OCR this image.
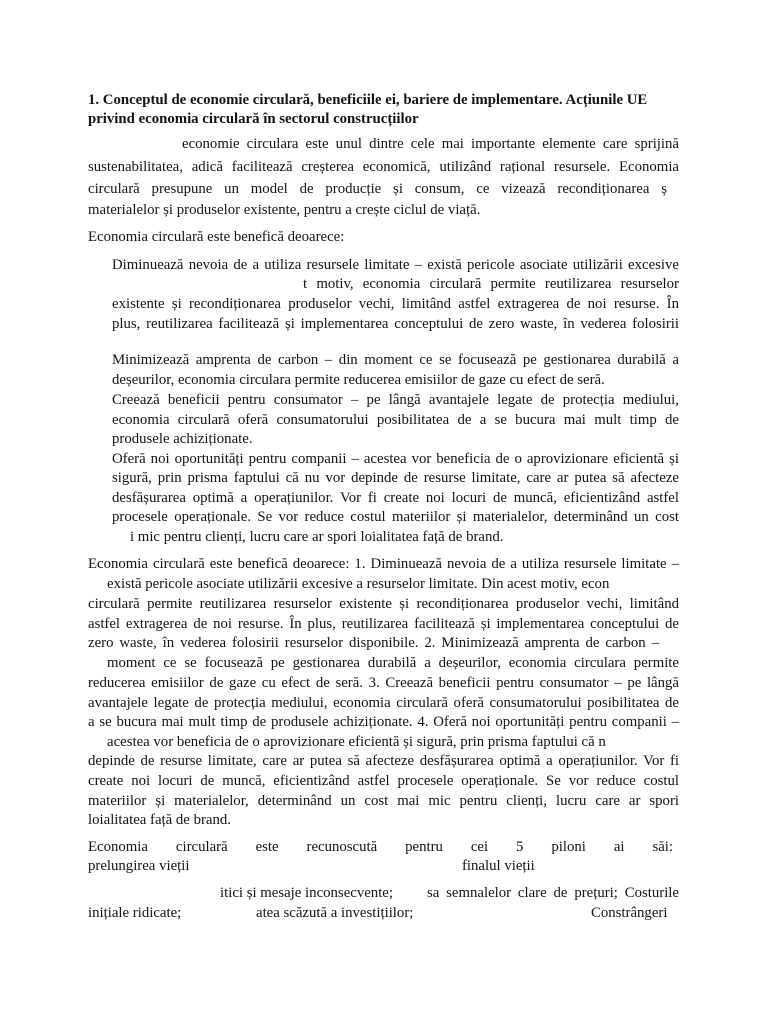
1. Conceptul de economie circulară, beneficiile ei, bariere de implementare. Acțiunile UE
privind economia circulară în sectorul construcțiilor
economie circulara este unul dintre cele mai importante elemente care sprijină
sustenabilitatea, adică facilitează creșterea economică, utilizând rațional resursele. Economia
circulară presupune un model de producție și consum, ce vizează recondiționarea ș
materialelor și produselor existente, pentru a crește ciclul de viață.
Economia circulară este benefică deoarece:
Diminuează nevoia de a utiliza resursele limitate – există pericole asociate utilizării excesive
t motiv, economia circulară permite reutilizarea resurselor
existente și recondiționarea produselor vechi, limitând astfel extragerea de noi resurse. În
plus, reutilizarea facilitează și implementarea conceptului de zero waste, în vederea folosirii
Minimizează amprenta de carbon – din moment ce se focusează pe gestionarea durabilă a
deșeurilor, economia circulara permite reducerea emisiilor de gaze cu efect de seră.
Creează beneficii pentru consumator – pe lângă avantajele legate de protecția mediului,
economia circulară oferă consumatorului posibilitatea de a se bucura mai mult timp de
produsele achiziționate.
Oferă noi oportunități pentru companii – acestea vor beneficia de o aprovizionare eficientă și
sigură, prin prisma faptului că nu vor depinde de resurse limitate, care ar putea să afecteze
desfășurarea optimă a operațiunilor. Vor fi create noi locuri de muncă, eficientizând astfel
procesele operaționale. Se vor reduce costul materiilor și materialelor, determinând un cost
i mic pentru clienți, lucru care ar spori loialitatea față de brand.
Economia circulară este benefică deoarece: 1. Diminuează nevoia de a utiliza resursele limitate –
există pericole asociate utilizării excesive a resurselor limitate. Din acest motiv, econ
circulară permite reutilizarea resurselor existente și recondiționarea produselor vechi, limitând
astfel extragerea de noi resurse. În plus, reutilizarea facilitează și implementarea conceptului de
zero waste, în vederea folosirii resurselor disponibile. 2. Minimizează amprenta de carbon –
moment ce se focusează pe gestionarea durabilă a deșeurilor, economia circulara permite
reducerea emisiilor de gaze cu efect de seră. 3. Creează beneficii pentru consumator – pe lângă
avantajele legate de protecția mediului, economia circulară oferă consumatorului posibilitatea de
a se bucura mai mult timp de produsele achiziționate. 4. Oferă noi oportunități pentru companii –
acestea vor beneficia de o aprovizionare eficientă și sigură, prin prisma faptului că n
depinde de resurse limitate, care ar putea să afecteze desfășurarea optimă a operațiunilor. Vor fi
create noi locuri de muncă, eficientizând astfel procesele operaționale. Se vor reduce costul
materiilor și materialelor, determinând un cost mai mic pentru clienți, lucru care ar spori
loialitatea față de brand.
Economia circulară este recunoscută pentru cei 5 piloni ai săi:
prelungirea vieții	finalul vieții
itici și mesaje inconsecvente; sa semnalelor clare de prețuri; Costurile
inițiale ridicate;	atea scăzută a investițiilor;	Constrângeri
